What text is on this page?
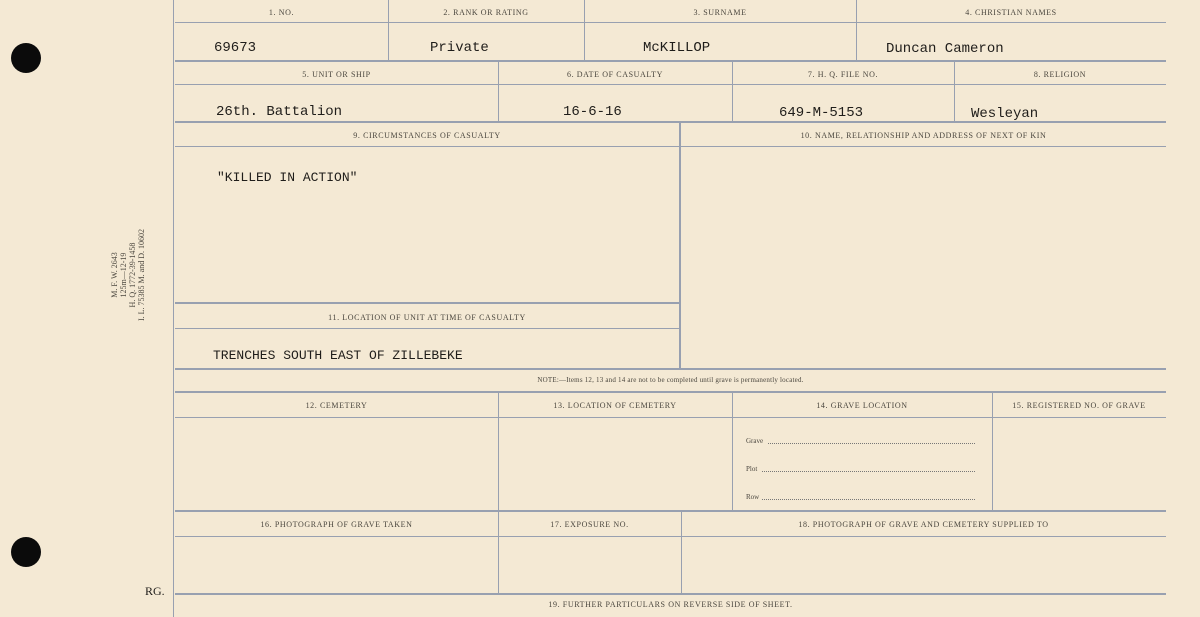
M. F. W. 2643 125m—12-19 H. Q. 1772-39-1458 I. L. 75385 M. and D. 10602
RG.
1. NO.	2. RANK OR RATING	3. SURNAME	4. CHRISTIAN NAMES
69673	Private	McKILLOP	Duncan Cameron
5. UNIT OR SHIP	6. DATE OF CASUALTY	7. H. Q. FILE NO.	8. RELIGION
26th. Battalion	16-6-16	649-M-5153	Wesleyan
9. CIRCUMSTANCES OF CASUALTY	10. NAME, RELATIONSHIP AND ADDRESS OF NEXT OF KIN
"KILLED IN ACTION"
11. LOCATION OF UNIT AT TIME OF CASUALTY
TRENCHES SOUTH EAST OF ZILLEBEKE
NOTE:—Items 12, 13 and 14 are not to be completed until grave is permanently located.
12. CEMETERY	13. LOCATION OF CEMETERY	14. GRAVE LOCATION	15. REGISTERED NO. OF GRAVE
Grave
Plot
Row
16. PHOTOGRAPH OF GRAVE TAKEN	17. EXPOSURE NO.	18. PHOTOGRAPH OF GRAVE AND CEMETERY SUPPLIED TO
19. FURTHER PARTICULARS ON REVERSE SIDE OF SHEET.
